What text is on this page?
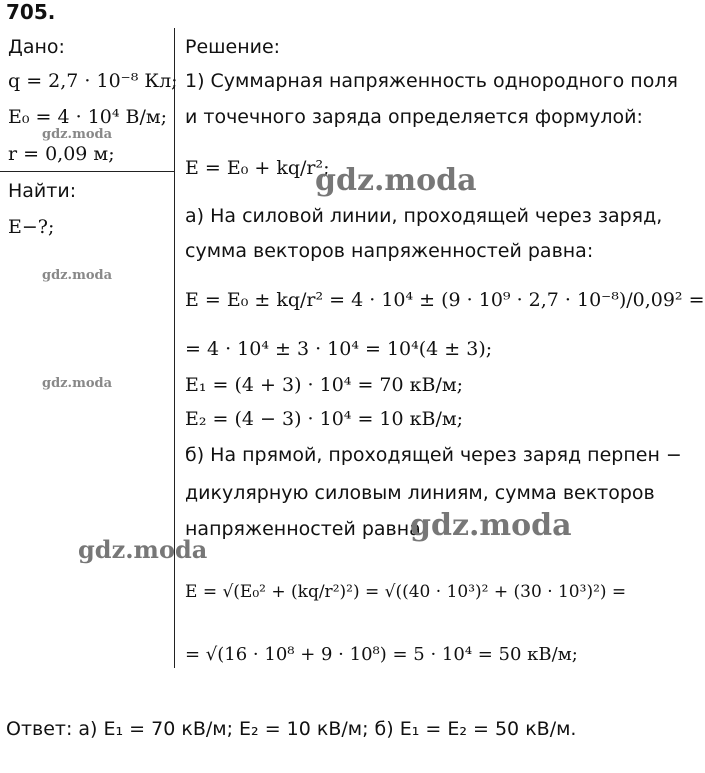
705.
Дано:
q = 2,7 · 10⁻⁸ Кл;
E₀ = 4 · 10⁴ В/м;
r = 0,09 м;
Найти:
E−?;
Решение:
1) Суммарная напряженность однородного поля
и точечного заряда определяется формулой:
E = E₀ + kq/r²;
а) На силовой линии, проходящей через заряд,
сумма векторов напряженностей равна:
E = E₀ ± kq/r² = 4 · 10⁴ ± (9 · 10⁹ · 2,7 · 10⁻⁸)/0,09² =
= 4 · 10⁴ ± 3 · 10⁴ = 10⁴(4 ± 3);
E₁ = (4 + 3) · 10⁴ = 70 кВ/м;
E₂ = (4 − 3) · 10⁴ = 10 кВ/м;
б) На прямой, проходящей через заряд перпен −
дикулярную силовым линиям, сумма векторов
напряженностей равна:
E = √(E₀² + (kq/r²)²) = √((40 · 10³)² + (30 · 10³)²) =
= √(16 · 10⁸ + 9 · 10⁸) = 5 · 10⁴ = 50 кВ/м;
Ответ: а) E₁ = 70 кВ/м; E₂ = 10 кВ/м; б) E₁ = E₂ = 50 кВ/м.
gdz.moda
gdz.moda
gdz.moda
gdz.moda
gdz.moda
gdz.moda
